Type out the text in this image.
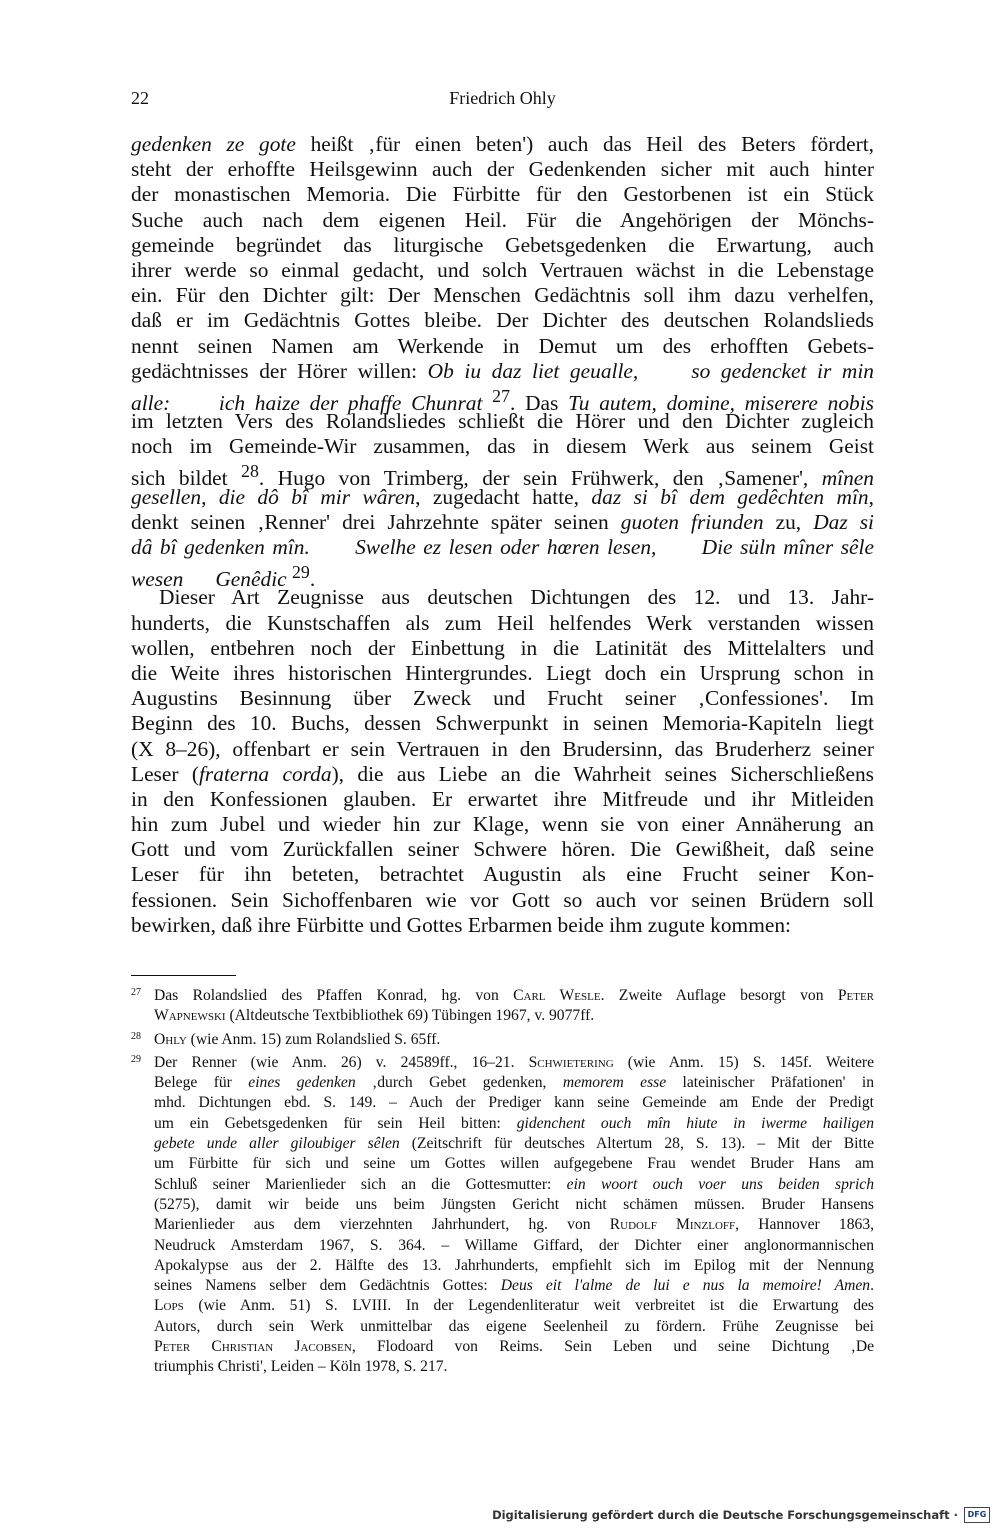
22	Friedrich Ohly
gedenken ze gote heißt ‚für einen beten') auch das Heil des Beters fördert,
steht der erhoffte Heilsgewinn auch der Gedenkenden sicher mit auch hinter
der monastischen Memoria. Die Fürbitte für den Gestorbenen ist ein Stück
Suche auch nach dem eigenen Heil. Für die Angehörigen der Mönchs-
gemeinde begründet das liturgische Gebetsgedenken die Erwartung, auch
ihrer werde so einmal gedacht, und solch Vertrauen wächst in die Lebenstage
ein. Für den Dichter gilt: Der Menschen Gedächtnis soll ihm dazu verhelfen,
daß er im Gedächtnis Gottes bleibe. Der Dichter des deutschen Rolandslieds
nennt seinen Namen am Werkende in Demut um des erhofften Gebets-
gedächtnisses der Hörer willen: Ob iu daz liet geualle,     so gedencket ir min
alle:     ich haize der phaffe Chunrat $^{27}$. Das Tu autem, domine, miserere nobis
im letzten Vers des Rolandsliedes schließt die Hörer und den Dichter zugleich
noch im Gemeinde-Wir zusammen, das in diesem Werk aus seinem Geist
sich bildet $^{28}$. Hugo von Trimberg, der sein Frühwerk, den ‚Samener', mînen
gesellen, die dô bî mir wâren, zugedacht hatte, daz si bî dem gedêchten mîn,
denkt seinen ‚Renner' drei Jahrzehnte später seinen guoten friunden zu, Daz si
dâ bî gedenken mîn.      Swelhe ez lesen oder hœren lesen,      Die süln mîner sêle
wesen      Genêdic $^{29}$.
Dieser Art Zeugnisse aus deutschen Dichtungen des 12. und 13. Jahr-
hunderts, die Kunstschaffen als zum Heil helfendes Werk verstanden wissen
wollen, entbehren noch der Einbettung in die Latinität des Mittelalters und
die Weite ihres historischen Hintergrundes. Liegt doch ein Ursprung schon in
Augustins Besinnung über Zweck und Frucht seiner ‚Confessiones'. Im
Beginn des 10. Buchs, dessen Schwerpunkt in seinen Memoria-Kapiteln liegt
(X 8–26), offenbart er sein Vertrauen in den Brudersinn, das Bruderherz seiner
Leser (fraterna corda), die aus Liebe an die Wahrheit seines Sicherschließens
in den Konfessionen glauben. Er erwartet ihre Mitfreude und ihr Mitleiden
hin zum Jubel und wieder hin zur Klage, wenn sie von einer Annäherung an
Gott und vom Zurückfallen seiner Schwere hören. Die Gewißheit, daß seine
Leser für ihn beteten, betrachtet Augustin als eine Frucht seiner Kon-
fessionen. Sein Sichoffenbaren wie vor Gott so auch vor seinen Brüdern soll
bewirken, daß ihre Fürbitte und Gottes Erbarmen beide ihm zugute kommen:
27 Das Rolandslied des Pfaffen Konrad, hg. von Carl Wesle. Zweite Auflage besorgt von Peter
Wapnewski (Altdeutsche Textbibliothek 69) Tübingen 1967, v. 9077ff.
28 Ohly (wie Anm. 15) zum Rolandslied S. 65ff.
29 Der Renner (wie Anm. 26) v. 24589ff., 16–21. Schwietering (wie Anm. 15) S. 145f. Weitere
Belege für eines gedenken ‚durch Gebet gedenken, memorem esse lateinischer Präfationen' in
mhd. Dichtungen ebd. S. 149. – Auch der Prediger kann seine Gemeinde am Ende der Predigt
um ein Gebetsgedenken für sein Heil bitten: gidenchent ouch mîn hiute in iwerme hailigen
gebete unde aller giloubiger sêlen (Zeitschrift für deutsches Altertum 28, S. 13). – Mit der Bitte
um Fürbitte für sich und seine um Gottes willen aufgegebene Frau wendet Bruder Hans am
Schluß seiner Marienlieder sich an die Gottesmutter: ein woort ouch voer uns beiden sprich
(5275), damit wir beide uns beim Jüngsten Gericht nicht schämen müssen. Bruder Hansens
Marienlieder aus dem vierzehnten Jahrhundert, hg. von Rudolf Minzloff, Hannover 1863,
Neudruck Amsterdam 1967, S. 364. – Willame Giffard, der Dichter einer anglonormannischen
Apokalypse aus der 2. Hälfte des 13. Jahrhunderts, empfiehlt sich im Epilog mit der Nennung
seines Namens selber dem Gedächtnis Gottes: Deus eit l'alme de lui e nus la memoire! Amen.
Lops (wie Anm. 51) S. LVIII. In der Legendenliteratur weit verbreitet ist die Erwartung des
Autors, durch sein Werk unmittelbar das eigene Seelenheil zu fördern. Frühe Zeugnisse bei
Peter Christian Jacobsen, Flodoard von Reims. Sein Leben und seine Dichtung ‚De
triumphis Christi', Leiden – Köln 1978, S. 217.
Digitalisierung gefördert durch die Deutsche Forschungsgemeinschaft ·	DFG
